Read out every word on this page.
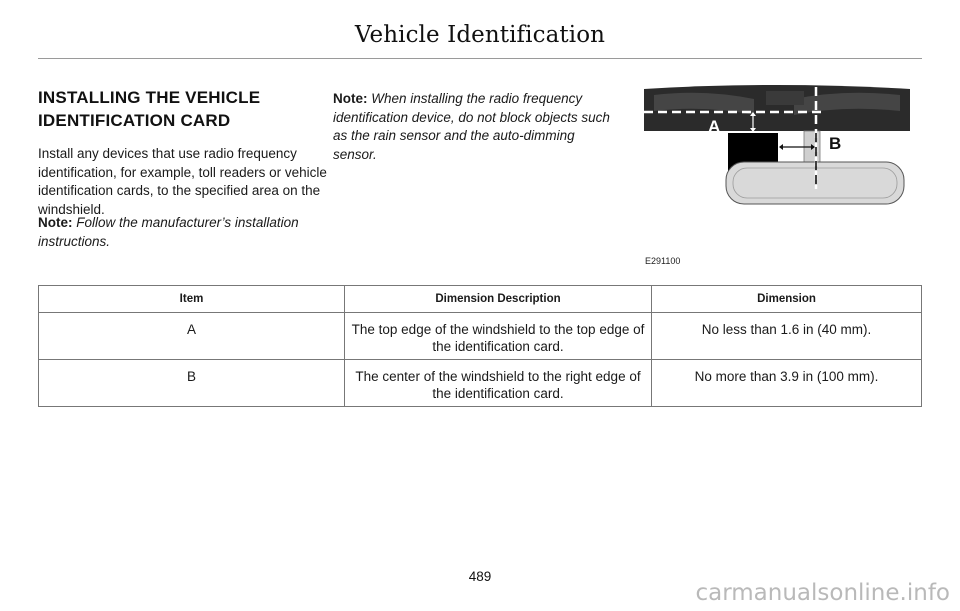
Vehicle Identification
INSTALLING THE VEHICLE
IDENTIFICATION CARD
Install any devices that use radio frequency identification, for example, toll readers or vehicle identification cards, to the specified area on the windshield.
Note: Follow the manufacturer’s installation instructions.
Note: When installing the radio frequency identification device, do not block objects such as the rain sensor and the auto-dimming sensor.
A
B
E291100
Item	Dimension Description	Dimension
A	The top edge of the windshield to the top edge of the identification card.	No less than 1.6 in (40 mm).
B	The center of the windshield to the right edge of the identification card.	No more than 3.9 in (100 mm).
489
carmanualsonline.info
